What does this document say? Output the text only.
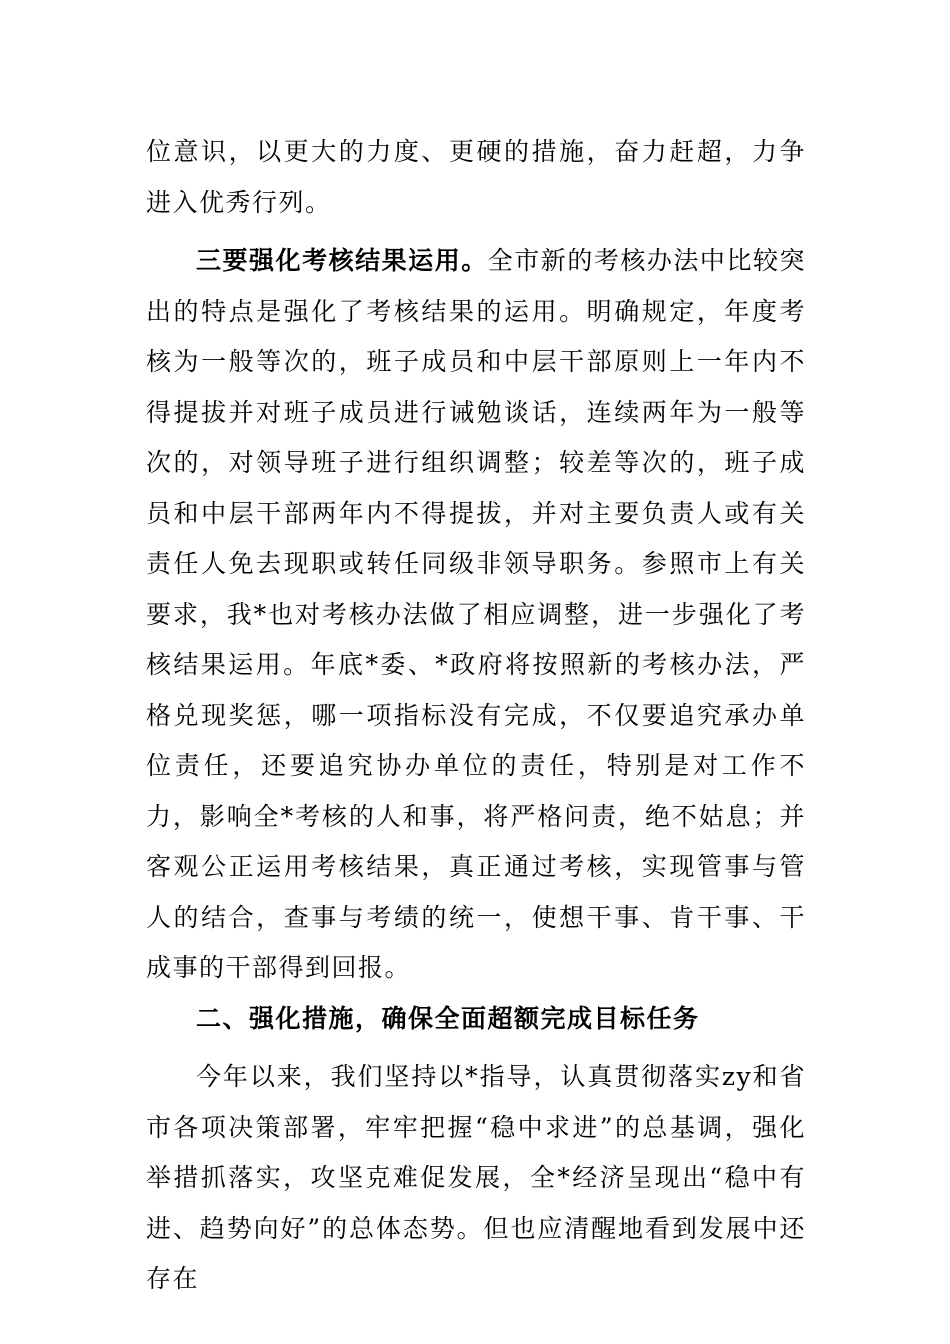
位意识，以更大的力度、更硬的措施，奋力赶超，力争进入优秀行列。

三要强化考核结果运用。全市新的考核办法中比较突出的特点是强化了考核结果的运用。明确规定，年度考核为一般等次的，班子成员和中层干部原则上一年内不得提拔并对班子成员进行诫勉谈话，连续两年为一般等次的，对领导班子进行组织调整；较差等次的，班子成员和中层干部两年内不得提拔，并对主要负责人或有关责任人免去现职或转任同级非领导职务。参照市上有关要求，我*也对考核办法做了相应调整，进一步强化了考核结果运用。年底*委、*政府将按照新的考核办法，严格兑现奖惩，哪一项指标没有完成，不仅要追究承办单位责任，还要追究协办单位的责任，特别是对工作不力，影响全*考核的人和事，将严格问责，绝不姑息；并客观公正运用考核结果，真正通过考核，实现管事与管人的结合，查事与考绩的统一，使想干事、肯干事、干成事的干部得到回报。

二、强化措施，确保全面超额完成目标任务

今年以来，我们坚持以*指导，认真贯彻落实zy和省市各项决策部署，牢牢把握“稳中求进”的总基调，强化举措抓落实，攻坚克难促发展，全*经济呈现出“稳中有进、趋势向好”的总体态势。但也应清醒地看到发展中还存在
